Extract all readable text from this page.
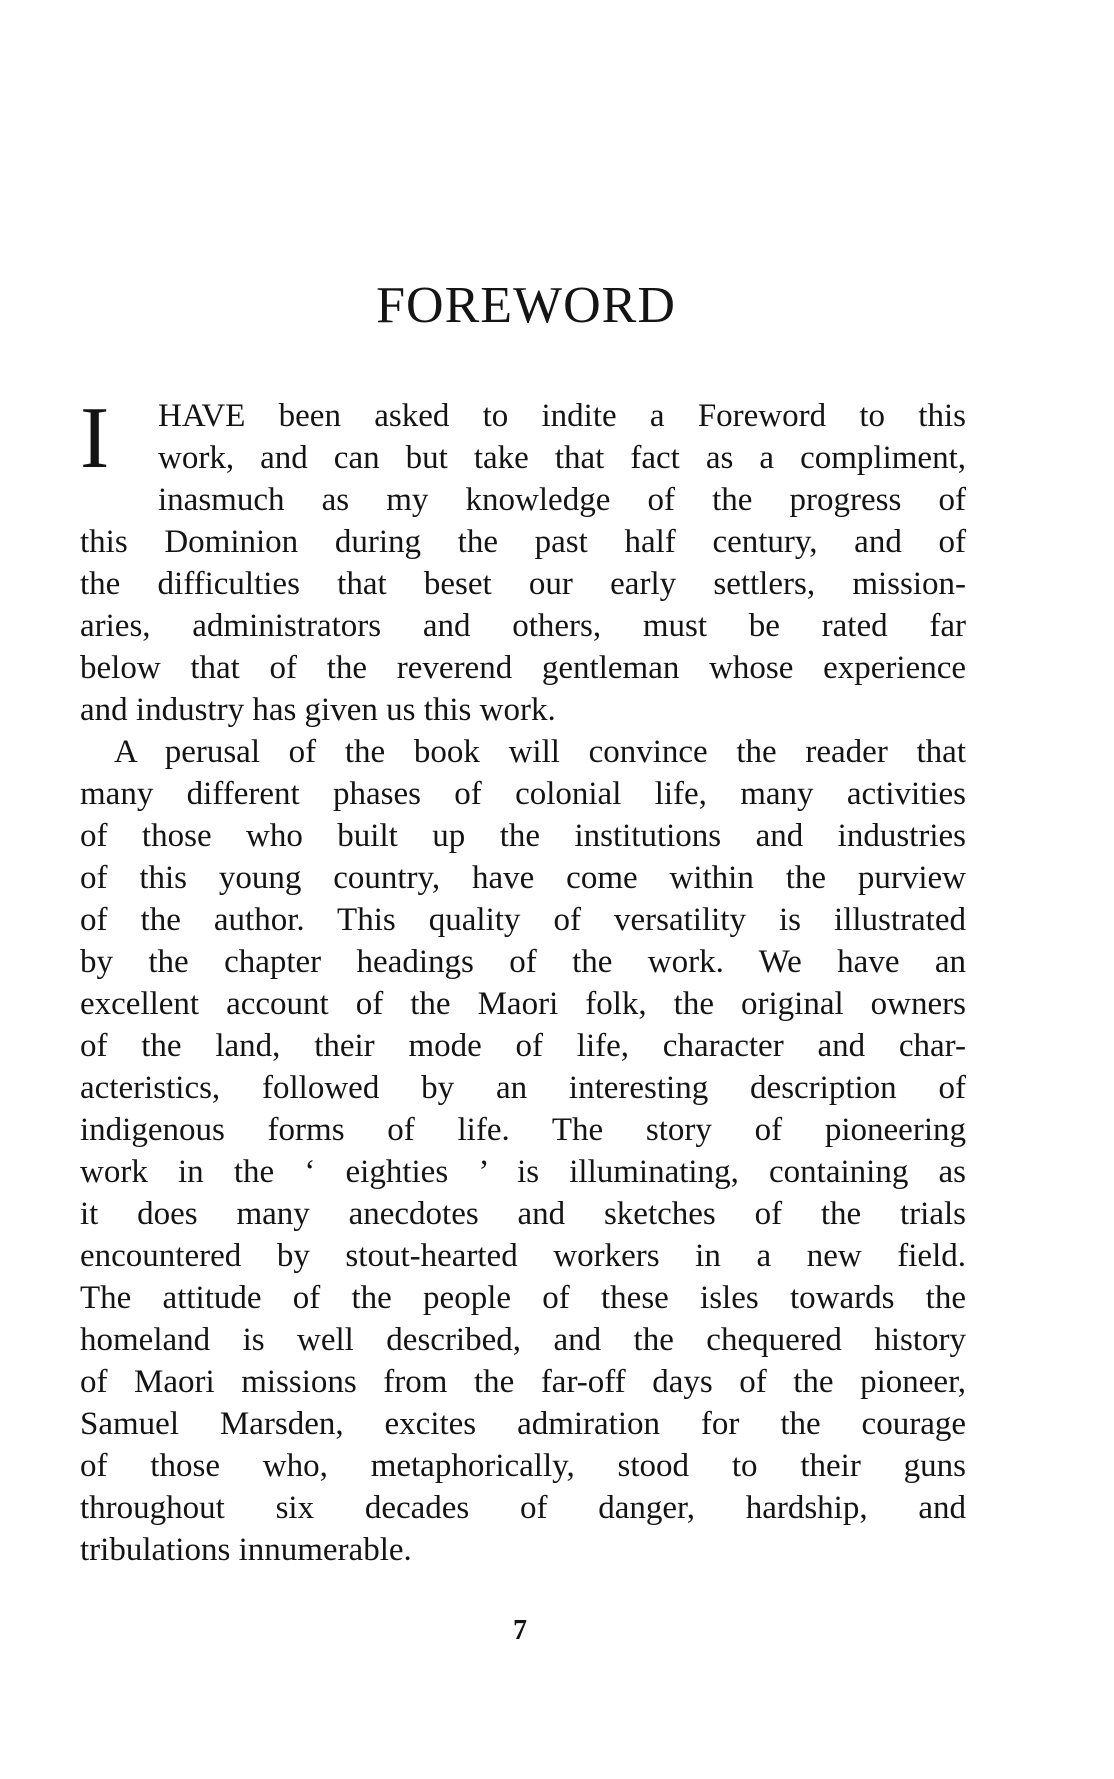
FOREWORD
I	HAVE been asked to indite a Foreword to this
work, and can but take that fact as a compliment,
inasmuch as my knowledge of the progress of
this Dominion during the past half century, and of
the difficulties that beset our early settlers, mission-
aries, administrators and others, must be rated far
below that of the reverend gentleman whose experience
and industry has given us this work.
A perusal of the book will convince the reader that
many different phases of colonial life, many activities
of those who built up the institutions and industries
of this young country, have come within the purview
of the author. This quality of versatility is illustrated
by the chapter headings of the work. We have an
excellent account of the Maori folk, the original owners
of the land, their mode of life, character and char-
acteristics, followed by an interesting description of
indigenous forms of life. The story of pioneering
work in the ‘ eighties ’ is illuminating, containing as
it does many anecdotes and sketches of the trials
encountered by stout-hearted workers in a new field.
The attitude of the people of these isles towards the
homeland is well described, and the chequered history
of Maori missions from the far-off days of the pioneer,
Samuel Marsden, excites admiration for the courage
of those who, metaphorically, stood to their guns
throughout six decades of danger, hardship, and
tribulations innumerable.
7
